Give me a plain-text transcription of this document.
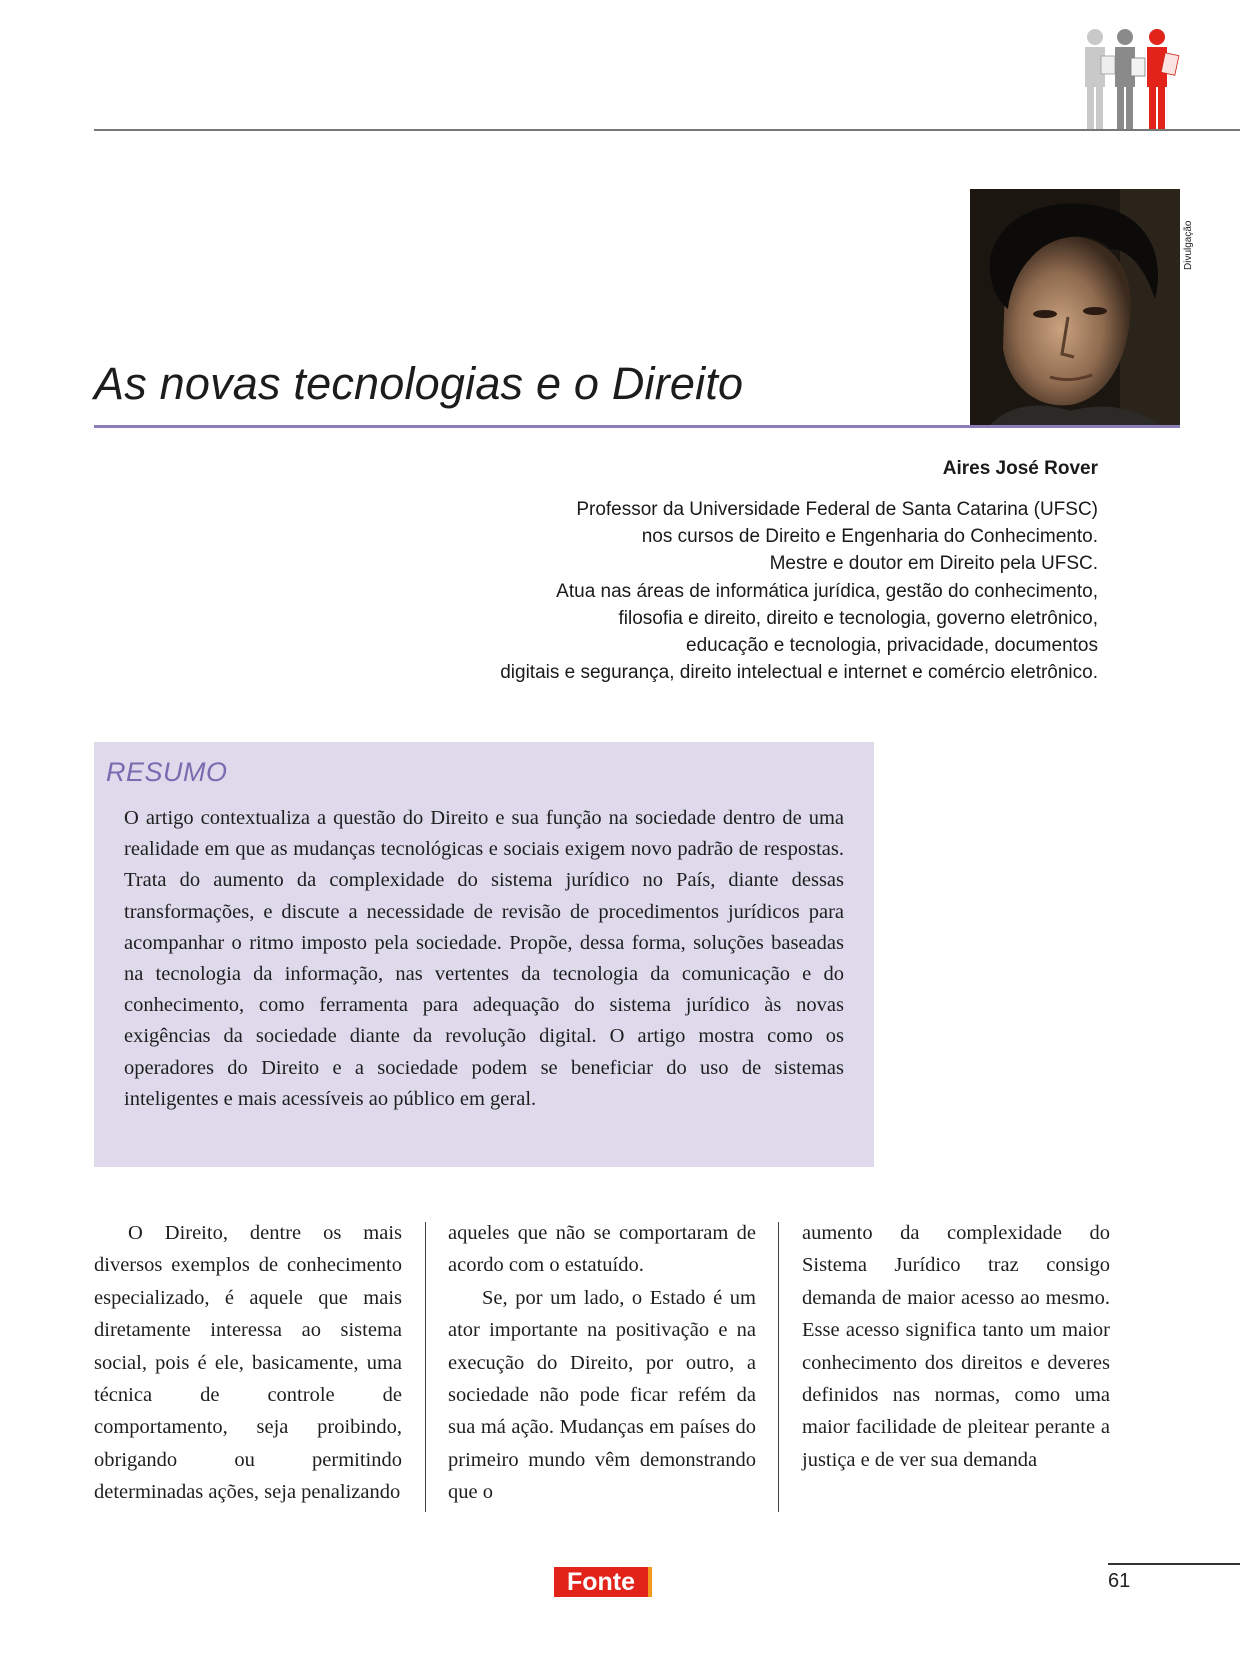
Divulgação
As novas tecnologias e o Direito
Aires José Rover
Professor da Universidade Federal de Santa Catarina (UFSC)
nos cursos de Direito e Engenharia do Conhecimento.
Mestre e doutor em Direito pela UFSC.
Atua nas áreas de informática jurídica, gestão do conhecimento,
filosofia e direito, direito e tecnologia, governo eletrônico,
educação e tecnologia, privacidade, documentos
digitais e segurança, direito intelectual e internet e comércio eletrônico.
RESUMO
O artigo contextualiza a questão do Direito e sua função na sociedade dentro de uma realidade em que as mudanças tecnológicas e sociais exigem novo padrão de respostas. Trata do aumento da complexidade do sistema jurídico no País, diante dessas transformações, e discute a necessidade de revisão de procedimentos jurídicos para acompanhar o ritmo imposto pela sociedade. Propõe, dessa forma, soluções baseadas na tecnologia da informação, nas vertentes da tecnologia da comunicação e do conhecimento, como ferramenta para adequação do sistema jurídico às novas exigências da sociedade diante da revolução digital. O artigo mostra como os operadores do Direito e a sociedade podem se beneficiar do uso de sistemas inteligentes e mais acessíveis ao público em geral.

O Direito, dentre os mais diversos exemplos de conhecimento especializado, é aquele que mais diretamente interessa ao sistema social, pois é ele, basicamente, uma técnica de controle de comportamento, seja proibindo, obrigando ou permitindo determinadas ações, seja penalizando

aqueles que não se comportaram de acordo com o estatuído.

Se, por um lado, o Estado é um ator importante na positivação e na execução do Direito, por outro, a sociedade não pode ficar refém da sua má ação. Mudanças em países do primeiro mundo vêm demonstrando que o

aumento da complexidade do Sistema Jurídico traz consigo demanda de maior acesso ao mesmo. Esse acesso significa tanto um maior conhecimento dos direitos e deveres definidos nas normas, como uma maior facilidade de pleitear perante a justiça e de ver sua demanda

Fonte	61
